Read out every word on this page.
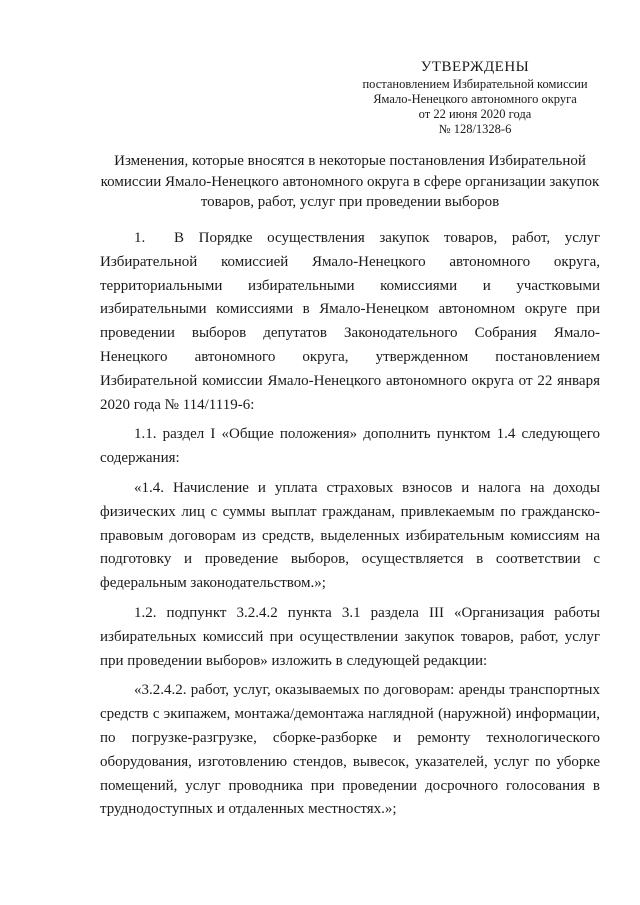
УТВЕРЖДЕНЫ
постановлением Избирательной комиссии
Ямало-Ненецкого автономного округа
от 22 июня 2020 года
№ 128/1328-6
Изменения, которые вносятся в некоторые постановления Избирательной комиссии Ямало-Ненецкого автономного округа в сфере организации закупок товаров, работ, услуг при проведении выборов

1. В Порядке осуществления закупок товаров, работ, услуг Избирательной комиссией Ямало-Ненецкого автономного округа, территориальными избирательными комиссиями и участковыми избирательными комиссиями в Ямало-Ненецком автономном округе при проведении выборов депутатов Законодательного Собрания Ямало-Ненецкого автономного округа, утвержденном постановлением Избирательной комиссии Ямало-Ненецкого автономного округа от 22 января 2020 года № 114/1119-6:

1.1. раздел I «Общие положения» дополнить пунктом 1.4 следующего содержания:

«1.4. Начисление и уплата страховых взносов и налога на доходы физических лиц с суммы выплат гражданам, привлекаемым по гражданско-правовым договорам из средств, выделенных избирательным комиссиям на подготовку и проведение выборов, осуществляется в соответствии с федеральным законодательством.»;

1.2. подпункт 3.2.4.2 пункта 3.1 раздела III «Организация работы избирательных комиссий при осуществлении закупок товаров, работ, услуг при проведении выборов» изложить в следующей редакции:

«3.2.4.2. работ, услуг, оказываемых по договорам: аренды транспортных средств с экипажем, монтажа/демонтажа наглядной (наружной) информации, по погрузке-разгрузке, сборке-разборке и ремонту технологического оборудования, изготовлению стендов, вывесок, указателей, услуг по уборке помещений, услуг проводника при проведении досрочного голосования в труднодоступных и отдаленных местностях.»;
